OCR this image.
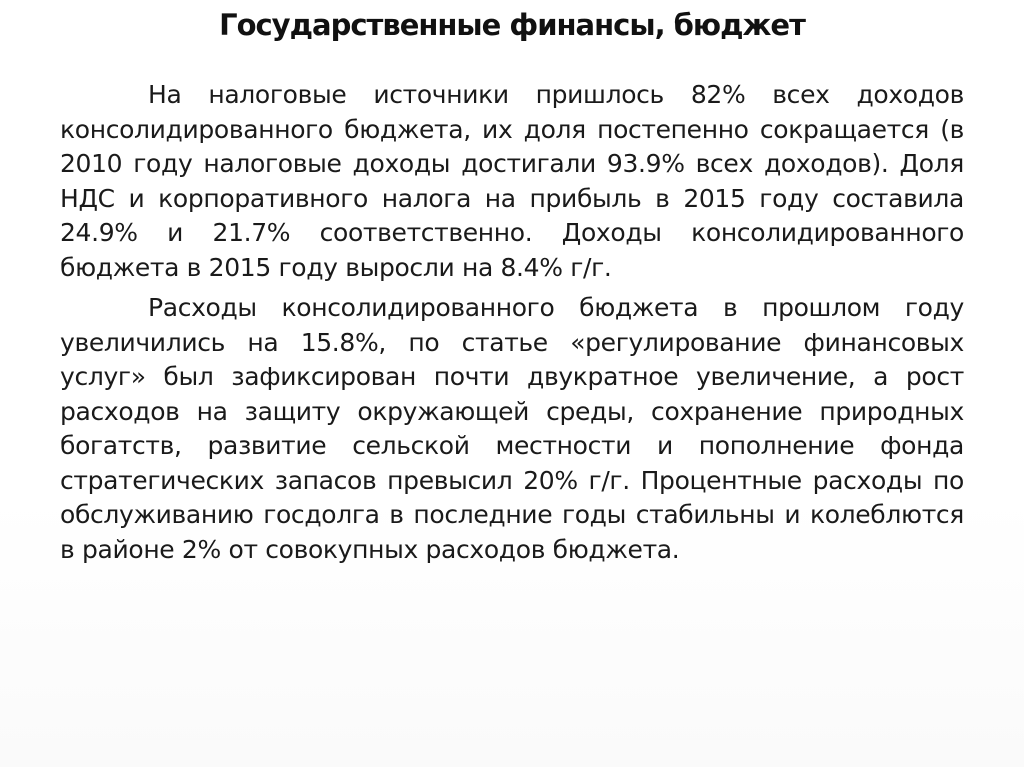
Государственные финансы, бюджет

На налоговые источники пришлось 82% всех доходов консолидированного бюджета, их доля постепенно сокращается (в 2010 году налоговые доходы достигали 93.9% всех доходов). Доля НДС и корпоративного налога на прибыль в 2015 году составила 24.9% и 21.7% соответственно. Доходы консолидированного бюджета в 2015 году выросли на 8.4% г/г.

Расходы консолидированного бюджета в прошлом году увеличились на 15.8%, по статье «регулирование финансовых услуг» был зафиксирован почти двукратное увеличение, а рост расходов на защиту окружающей среды, сохранение природных богатств, развитие сельской местности и пополнение фонда стратегических запасов превысил 20% г/г. Процентные расходы по обслуживанию госдолга в последние годы стабильны и колеблются в районе 2% от совокупных расходов бюджета.
